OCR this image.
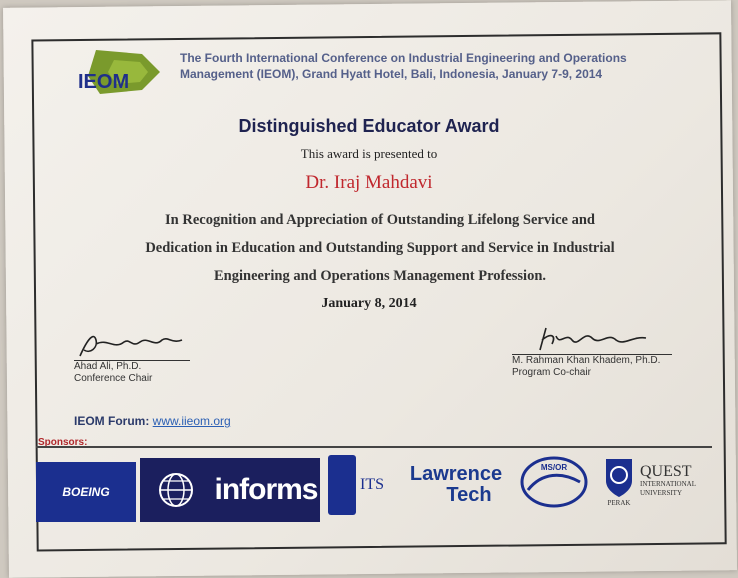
IEOM
The Fourth International Conference on Industrial Engineering and Operations
Management (IEOM), Grand Hyatt Hotel, Bali, Indonesia, January 7-9, 2014
Distinguished Educator Award
This award is presented to
Dr. Iraj Mahdavi
In Recognition and Appreciation of Outstanding Lifelong Service and
Dedication in Education and Outstanding Support and Service in Industrial
Engineering and Operations Management Profession.
January 8, 2014
Ahad Ali, Ph.D.
Conference Chair
M. Rahman Khan Khadem, Ph.D.
Program Co-chair
IEOM Forum: www.iieom.org
Sponsors:
BOEING	informs	ITS Lawrence
Tech
MS/OR
PERAK
QUEST
INTERNATIONAL
UNIVERSITY
